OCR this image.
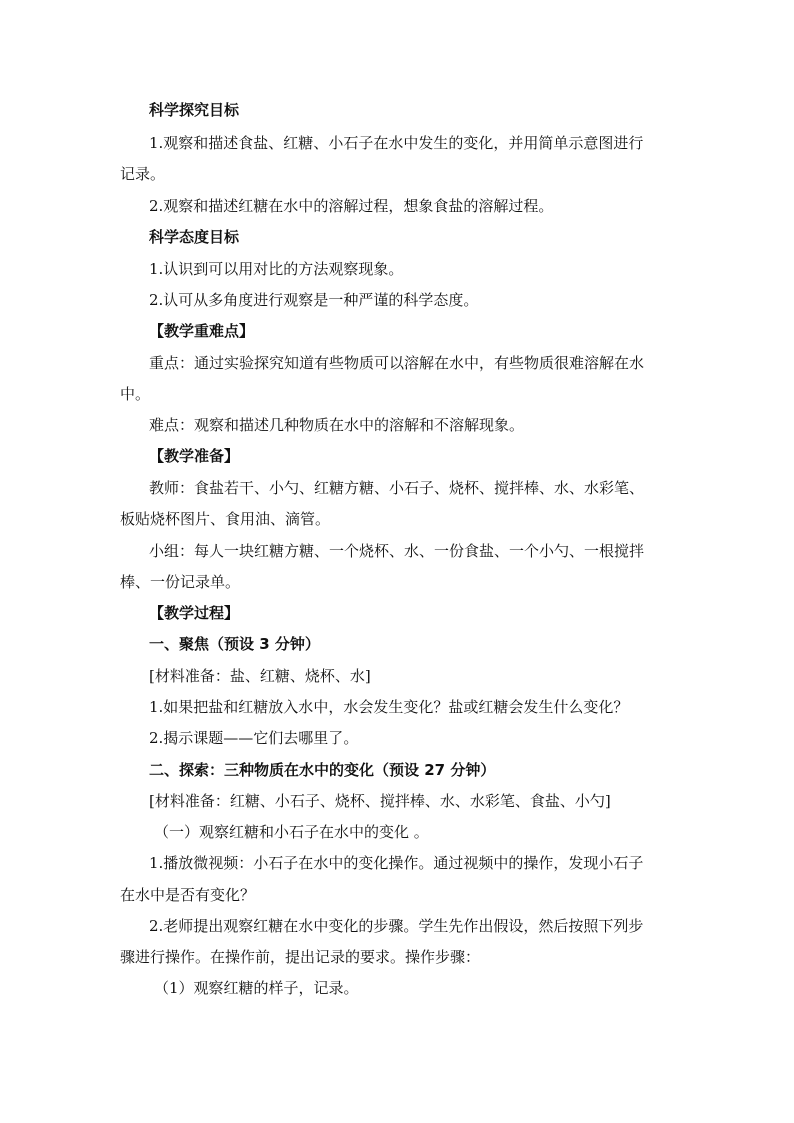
科学探究目标
1.观察和描述食盐、红糖、小石子在水中发生的变化，并用简单示意图进行
记录。
2.观察和描述红糖在水中的溶解过程，想象食盐的溶解过程。
科学态度目标
1.认识到可以用对比的方法观察现象。
2.认可从多角度进行观察是一种严谨的科学态度。
【教学重难点】
重点：通过实验探究知道有些物质可以溶解在水中，有些物质很难溶解在水
中。
难点：观察和描述几种物质在水中的溶解和不溶解现象。
【教学准备】
教师：食盐若干、小勺、红糖方糖、小石子、烧杯、搅拌棒、水、水彩笔、
板贴烧杯图片、食用油、滴管。
小组：每人一块红糖方糖、一个烧杯、水、一份食盐、一个小勺、一根搅拌
棒、一份记录单。
【教学过程】
一、聚焦（预设 3 分钟）
[材料准备：盐、红糖、烧杯、水]
1.如果把盐和红糖放入水中，水会发生变化？盐或红糖会发生什么变化？
2.揭示课题——它们去哪里了。
二、探索：三种物质在水中的变化（预设 27 分钟）
[材料准备：红糖、小石子、烧杯、搅拌棒、水、水彩笔、食盐、小勺]
（一）观察红糖和小石子在水中的变化 。
1.播放微视频：小石子在水中的变化操作。通过视频中的操作，发现小石子
在水中是否有变化？
2.老师提出观察红糖在水中变化的步骤。学生先作出假设，然后按照下列步
骤进行操作。在操作前，提出记录的要求。操作步骤：
（1）观察红糖的样子，记录。
